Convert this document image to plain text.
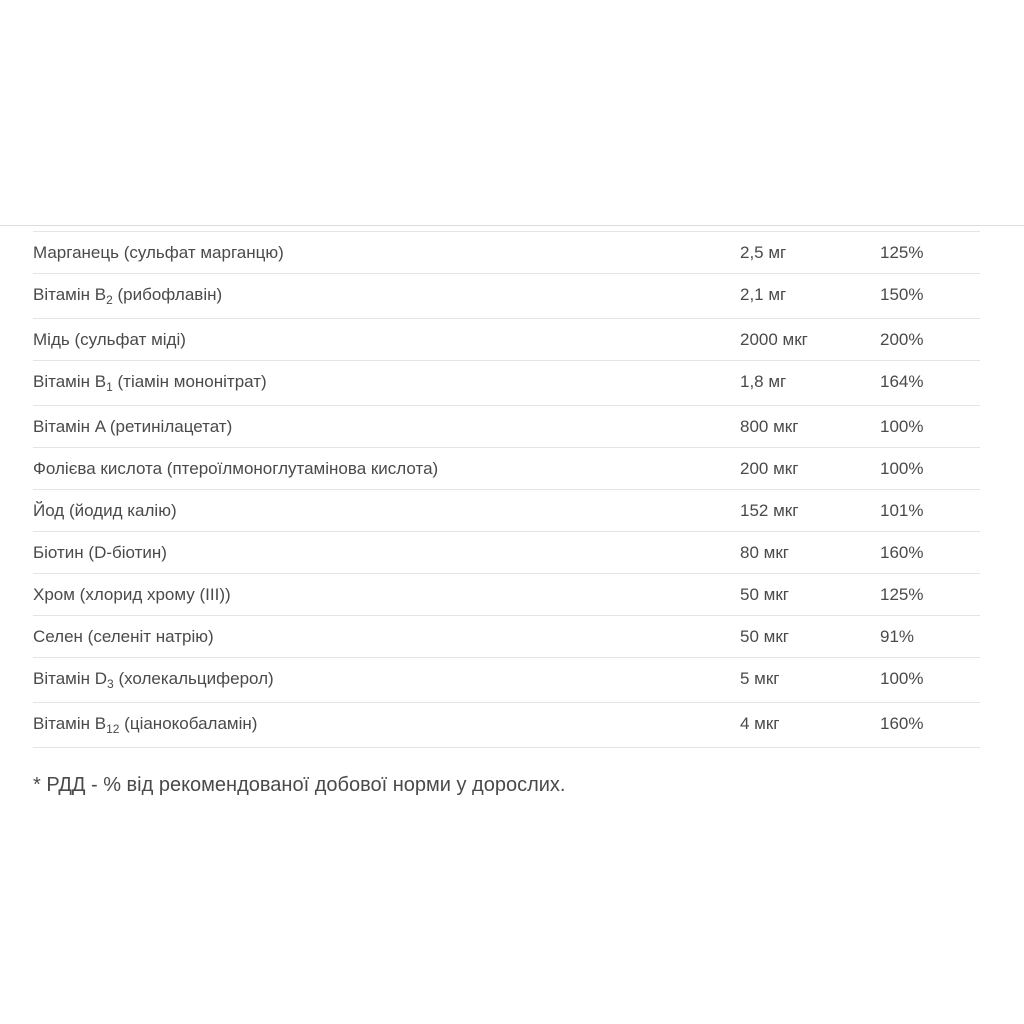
Марганець (сульфат марганцю)	2,5 мг	125%
Вітамін $B_2$ (рибофлавін)	2,1 мг	150%
Мідь (сульфат міді)	2000 мкг	200%
Вітамін $B_1$ (тіамін мононітрат)	1,8 мг	164%
Вітамін A (ретинілацетат)	800 мкг	100%
Фолієва кислота (птероїлмоноглутамінова кислота)	200 мкг	100%
Йод (йодид калію)	152 мкг	101%
Біотин (D-біотин)	80 мкг	160%
Хром (хлорид хрому (III))	50 мкг	125%
Селен (селеніт натрію)	50 мкг	91%
Вітамін $D_3$ (холекальциферол)	5 мкг	100%
Вітамін $B_{12}$ (ціанокобаламін)	4 мкг	160%
* РДД - % від рекомендованої добової норми у дорослих.
